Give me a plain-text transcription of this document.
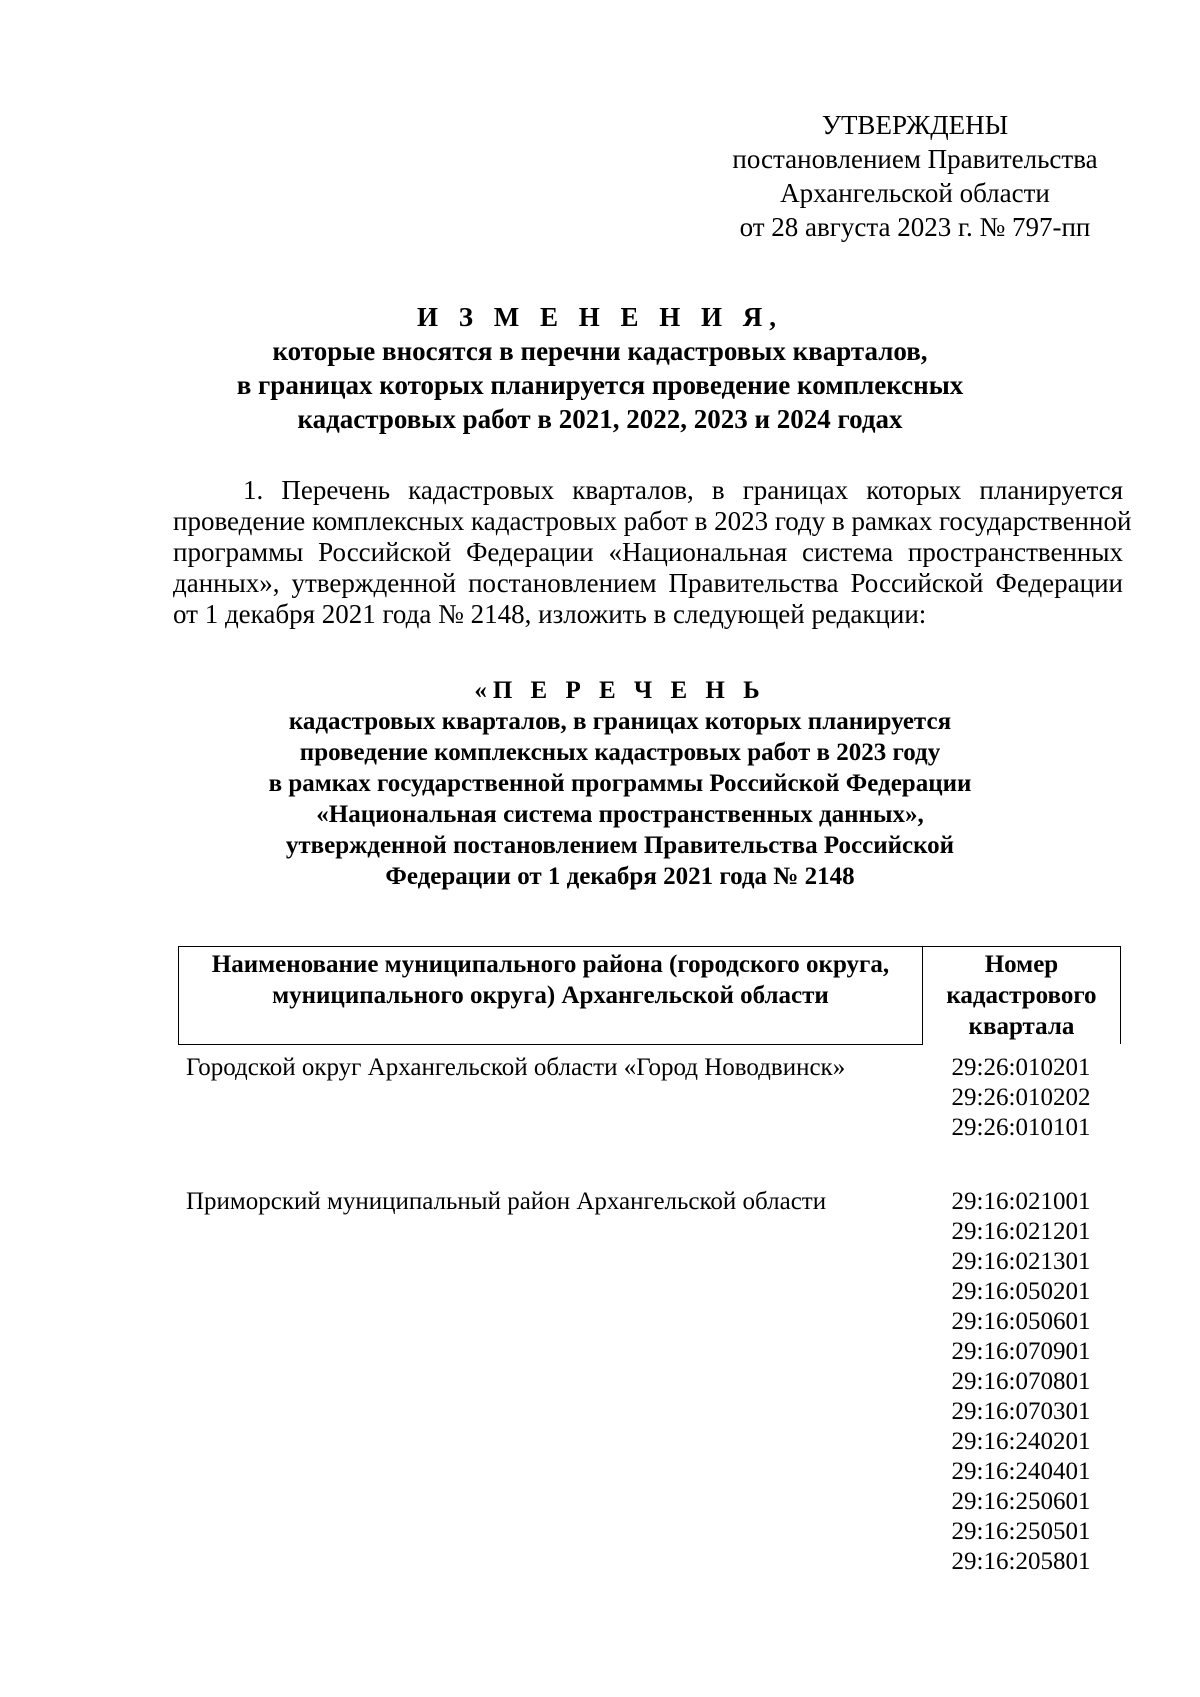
УТВЕРЖДЕНЫ
постановлением Правительства
Архангельской области
от 28 августа 2023 г. № 797-пп
И З М Е Н Е Н И Я,
которые вносятся в перечни кадастровых кварталов,
в границах которых планируется проведение комплексных
кадастровых работ в 2021, 2022, 2023 и 2024 годах
1. Перечень кадастровых кварталов, в границах которых планируется
проведение комплексных кадастровых работ в 2023 году в рамках государственной
программы Российской Федерации «Национальная система пространственных
данных», утвержденной постановлением Правительства Российской Федерации
от 1 декабря 2021 года № 2148, изложить в следующей редакции:
«П Е Р Е Ч Е Н Ь
кадастровых кварталов, в границах которых планируется
проведение комплексных кадастровых работ в 2023 году
в рамках государственной программы Российской Федерации
«Национальная система пространственных данных»,
утвержденной постановлением Правительства Российской
Федерации от 1 декабря 2021 года № 2148
Наименование муниципального района (городского округа, муниципального округа) Архангельской области	Номер кадастрового квартала
Городской округ Архангельской области «Город Новодвинск»	29:26:010201
29:26:010202
29:26:010101
Приморский муниципальный район Архангельской области	29:16:021001
29:16:021201
29:16:021301
29:16:050201
29:16:050601
29:16:070901
29:16:070801
29:16:070301
29:16:240201
29:16:240401
29:16:250601
29:16:250501
29:16:205801
